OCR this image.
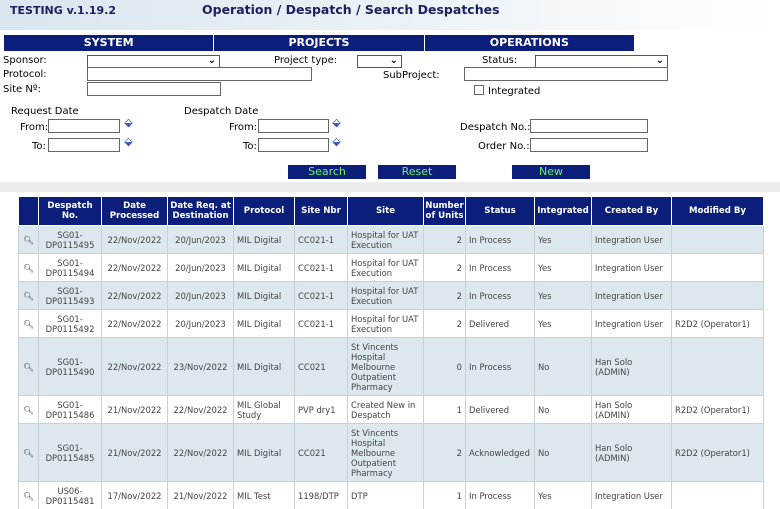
TESTING v.1.19.2	Operation / Despatch / Search Despatches
SYSTEM	PROJECTS	OPERATIONS
Sponsor:	⌄	Project type:	⌄	Status:	⌄
Protocol:	SubProject:
Site Nº:	Integrated
Request Date	Despatch Date
From:	⬙	From:	⬙	Despatch No.:
To:	⬙	To:	⬙	Order No.:
Search	Reset	New
	Despatch No.	Date Processed	Date Req. at Destination	Protocol	Site Nbr	Site	Number of Units	Status	Integrated	Created By	Modified By
🔍︎	SG01-DP0115495	22/Nov/2022	20/Jun/2023	MIL Digital	CC021-1	Hospital for UAT Execution	2	In Process	Yes	Integration User	
🔍︎	SG01-DP0115494	22/Nov/2022	20/Jun/2023	MIL Digital	CC021-1	Hospital for UAT Execution	2	In Process	Yes	Integration User	
🔍︎	SG01-DP0115493	22/Nov/2022	20/Jun/2023	MIL Digital	CC021-1	Hospital for UAT Execution	2	In Process	Yes	Integration User	
🔍︎	SG01-DP0115492	22/Nov/2022	20/Jun/2023	MIL Digital	CC021-1	Hospital for UAT Execution	2	Delivered	Yes	Integration User	R2D2 (Operator1)
🔍︎	SG01-DP0115490	22/Nov/2022	23/Nov/2022	MIL Digital	CC021	St Vincents Hospital Melbourne Outpatient Pharmacy	0	In Process	No	Han Solo (ADMIN)	
🔍︎	SG01-DP0115486	21/Nov/2022	22/Nov/2022	MIL Global Study	PVP dry1	Created New in Despatch	1	Delivered	No	Han Solo (ADMIN)	R2D2 (Operator1)
🔍︎	SG01-DP0115485	21/Nov/2022	22/Nov/2022	MIL Digital	CC021	St Vincents Hospital Melbourne Outpatient Pharmacy	2	Acknowledged	No	Han Solo (ADMIN)	R2D2 (Operator1)
🔍︎	US06-DP0115481	17/Nov/2022	21/Nov/2022	MIL Test	1198/DTP	DTP	1	In Process	Yes	Integration User	
